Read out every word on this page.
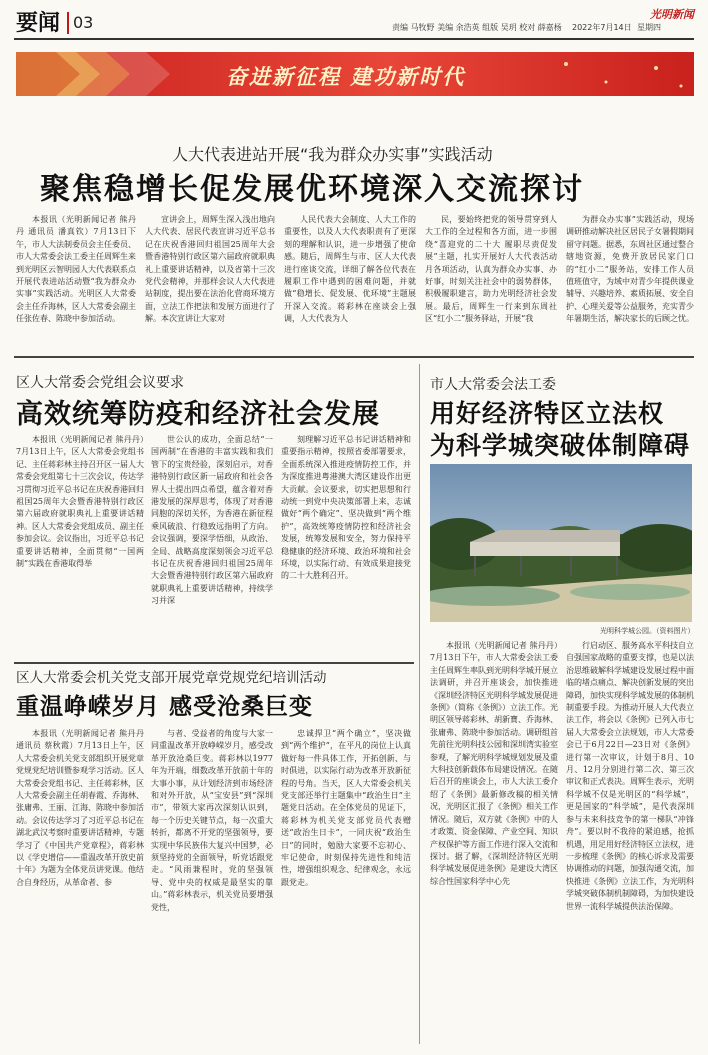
要闻 03	责编 马牧野 美编 余浩英 组版 吴玥 校对 薛嘉杨 2022年7月14日 星期四
光明新闻
奋进新征程 建功新时代
人大代表进站开展“我为群众办实事”实践活动
聚焦稳增长促发展优环境深入交流探讨

本报讯（光明新闻记者 熊丹丹 通讯员 潘真钦）7月13日下午，市人大法制委员会主任委员、市人大常委会法工委主任周辉生来到光明区云智明园人大代表联系点开展代表进站活动暨“我为群众办实事”实践活动。光明区人大常委会主任乔海林，区人大常委会副主任张佐春、陈晓中参加活动。

宣讲会上，周辉生深入浅出地向人大代表、居民代表宣讲习近平总书记在庆祝香港回归祖国25周年大会暨香港特别行政区第六届政府就职典礼上重要讲话精神，以及省第十三次党代会精神，并那样会议人大代表进站制度，提出要在法治化营商环境方面，立法工作把法和发展方面进行了解。本次宣讲让大家对

人民代表大会制度、人大工作的重要性，以及人大代表职责有了更深刻的理解和认识，进一步增强了使命感。随后，周辉生与市、区人大代表进行座谈交流，详细了解各位代表在履职工作中遇到的困难问题，并就做“稳增长、促发展、优环境”主题展开深入交流。蒋彩林在座谈会上强调，人大代表为人

民，要始终把党的领导贯穿到人大工作的全过程和各方面，进一步围绕“喜迎党的二十大 履职尽责促发展”主题，扎实开展好人大代表活动月各项活动，认真为群众办实事、办好事，时刻关注社会中的弱势群体，积极履职建言，助力光明经济社会发展。最后，周辉生一行来到东周社区“红小二”服务驿站，开展“我

为群众办实事”实践活动，现场调研推动解决社区居民子女暑假期间留守问题。据悉，东周社区通过整合辖地资源，免费开放居民家门口的“红小二”服务站，安排工作人员值班值守，为域中对青少年提供课业辅导、兴趣培养、素质拓展、安全自护、心理关爱等公益服务，充实青少年暑期生活，解决家长的后顾之忧。

区人大常委会党组会议要求
高效统筹防疫和经济社会发展

本报讯（光明新闻记者 熊丹丹）7月13日上午，区人大常委会党组书记、主任蒋彩林主持召开区一届人大常委会党组第七十三次会议，传达学习贯彻习近平总书记在庆祝香港回归祖国25周年大会暨香港特别行政区第六届政府就职典礼上重要讲话精神。区人大常委会党组成员、副主任参加会议。会议指出，习近平总书记重要讲话精神，全面贯彻“一国两制”实践在香港取得举

世公认的成功，全面总结“一国两制”在香港的丰富实践和我们管下的宝贵经验，深刻启示，对香港特别行政区新一届政府和社会各界人士提出四点希望，蕴含着对香港发展的深厚思考，体现了对香港同胞的深切关怀，为香港在新征程乘风破浪、行稳致远指明了方向。会议强调，要深学悟细，从政治、全局、战略高度深刻领会习近平总书记在庆祝香港回归祖国25周年大会暨香港特别行政区第六届政府就职典礼上重要讲话精神，持续学习并深

刻理解习近平总书记讲话精神和重要指示精神，按照省委部署要求，全面系统深入推进疫情防控工作，并为深度推进粤港澳大湾区建设作出更大贡献。会议要求，切实把思想和行动统一到党中央决策部署上来，志诚做好“两个确定”、坚决做到“两个维护”，高效统筹疫情防控和经济社会发展，统筹发展和安全，努力保持平稳健康的经济环境、政治环境和社会环境，以实际行动、有效成果迎接党的二十大胜利召开。

市人大常委会法工委
用好经济特区立法权
为科学城突破体制障碍
光明科学城公园。（资料图片）

本报讯（光明新闻记者 熊丹丹）7月13日下午，市人大常委会法工委主任周辉生率队到光明科学城开展立法调研，并召开座谈会，加快推进《深圳经济特区光明科学城发展促进条例》（简称《条例》）立法工作。光明区领导蒋彩林、胡新寶、乔海林、张庸弗、陈晓中参加活动。调研组首先前往光明科技公园和深圳湾实验室参观，了解光明科学城规划发展及重大科技创新载体布局建设情况。在随后召开的座谈会上，市人大法工委介绍了《条例》最新修改稿的相关情况，光明区汇报了《条例》相关工作情况。随后，双方就《条例》中的人才政策、资金保障、产业空间、知识产权保护等方面工作进行深入交流和探讨。据了解，《深圳经济特区光明科学城发展促进条例》是建设大湾区综合性国家科学中心先

行启动区、服务高水平科技自立自强国家战略的重要支撑，也是以法治思维破解科学城建设发展过程中面临的堵点痛点、解决创新发展的突出障碍，加快实现科学城发展的体制机制重要手段。为推动开展人大代表立法工作，将会以《条例》已列入市七届人大常委会立法规划，市人大常委会已于6月22日—23日对《条例》进行第一次审议，计划于8月、10月、12月分别进行第二次、第三次审议和正式表决。周辉生表示，光明科学城不仅是光明区的“科学城”，更是国家的“科学城”，是代表深圳参与未来科技竞争的第一梯队“冲锋舟”。要以时不我待的紧迫感，抢抓机遇，用足用好经济特区立法权，进一步梳理《条例》的核心诉求及需要协调推动的问题，加强沟通交流，加快推进《条例》立法工作，为光明科学城突破体制机制障碍，为加快建设世界一流科学城提供法治保障。

区人大常委会机关党支部开展党章党规党纪培训活动
重温峥嵘岁月 感受沧桑巨变

本报讯（光明新闻记者 熊丹丹 通讯员 蔡秋霞）7月13日上午，区人大常委会机关党支部组织开展党章党规党纪培训暨参观学习活动。区人大常委会党组书记、主任蒋彩林，区人大常委会副主任胡春霞、乔海林、张庸弗、王丽、江海、陈晓中参加活动。会议传达学习了习近平总书记在湖北武汉考察时重要讲话精神，专题学习了《中国共产党章程》，蒋彩林以《学史增信——重温改革开放史前十年》为题为全体党员讲党课。他结合自身经历，从革命者、参

与者、受益者的角度与大家一同重温改革开放峥嵘岁月，感受改革开放沧桑巨变。蒋彩林以1977年为开端，细数改革开放前十年的大事小事，从计划经济到市场经济和对外开放，从“宝安县”到“深圳市”，带领大家再次深刻认识到，每一个历史关键节点，每一次重大转折，都离不开党的坚强领导，要实现中华民族伟大复兴中国梦，必须坚持党的全面领导，听党话跟党走。“风雨兼程时，党的坚强领导、党中央的权威是最坚实的靠山。”蒋彩林表示，机关党员要增强党性，

忠诚捍卫“两个确立”，坚决做到“两个维护”，在平凡的岗位上认真做好每一件具体工作，开拓创新、与时俱进，以实际行动为改革开放新征程的号角。当天，区人大常委会机关党支部还举行主题集中“政治生日”主题党日活动。在全体党员的见证下，蒋彩林为机关党支部党员代表赠送“政治生日卡”，一同庆祝“政治生日”的同时，勉励大家要不忘初心、牢记使命，时刻保持先进性和纯洁性，增强组织观念、纪律观念，永远跟党走。
